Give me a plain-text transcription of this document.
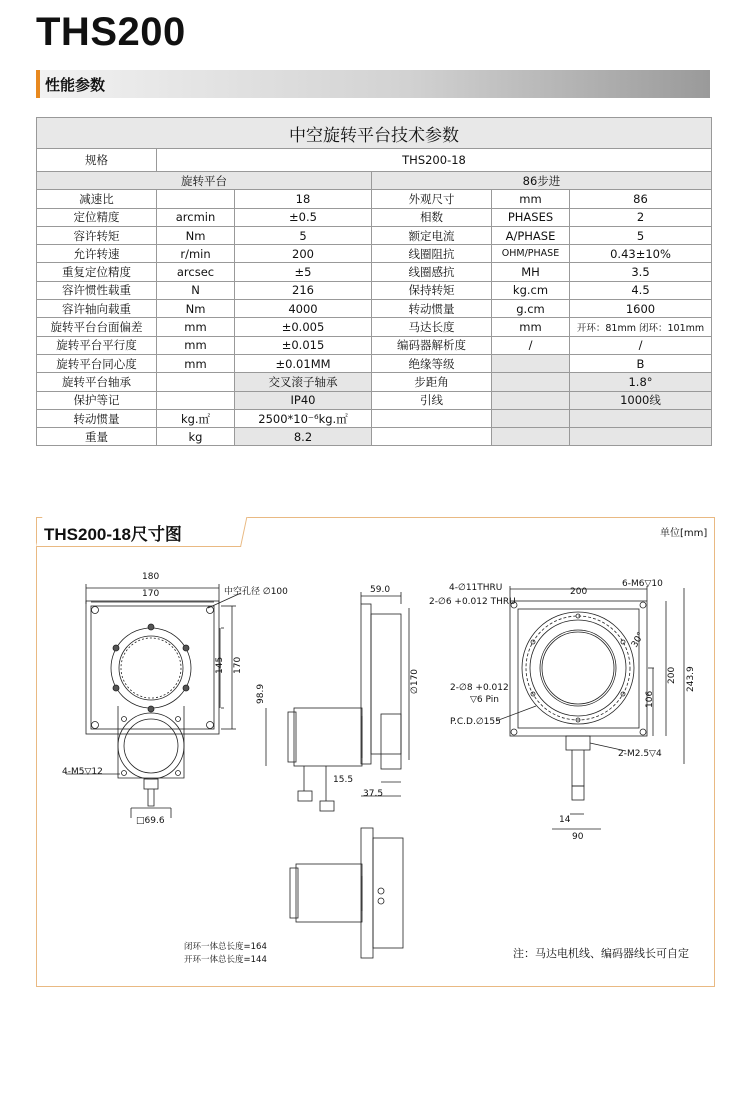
THS200
性能参数
中空旋转平台技术参数					
规格	THS200-18				
旋转平台			86步进		
减速比		18	外观尺寸	mm	86
定位精度	arcmin	±0.5	相数	PHASES	2
容许转矩	Nm	5	额定电流	A/PHASE	5
允许转速	r/min	200	线圈阻抗	OHM/PHASE	0.43±10%
重复定位精度	arcsec	±5	线圈感抗	MH	3.5
容许惯性载重	N	216	保持转矩	kg.cm	4.5
容许轴向载重	Nm	4000	转动惯量	g.cm	1600
旋转平台台面偏差	mm	±0.005	马达长度	mm	开环：81mm 闭环：101mm
旋转平台平行度	mm	±0.015	编码器解析度	/	/
旋转平台同心度	mm	±0.01MM	绝缘等级		B
旋转平台轴承		交叉滚子轴承	步距角		1.8°
保护等记		IP40	引线		1000线
转动惯量	kg.㎡	2500*10⁻⁶kg.㎡			
重量	kg	8.2			
THS200-18尺寸图	单位[mm]
180
170	中空孔径 ∅100
145 170
98.9
4-M5▽12
□69.6
59.0
∅170
15.5
37.5
4-∅11THRU
2-∅6 +0.012 THRU
6-M6▽10
200
30°
200 243.9
106
2-∅8 +0.012
▽6 Pin
P.C.D.∅155
2-M2.5▽4
14
90
闭环一体总长度=164
开环一体总长度=144	注：马达电机线、编码器线长可自定
